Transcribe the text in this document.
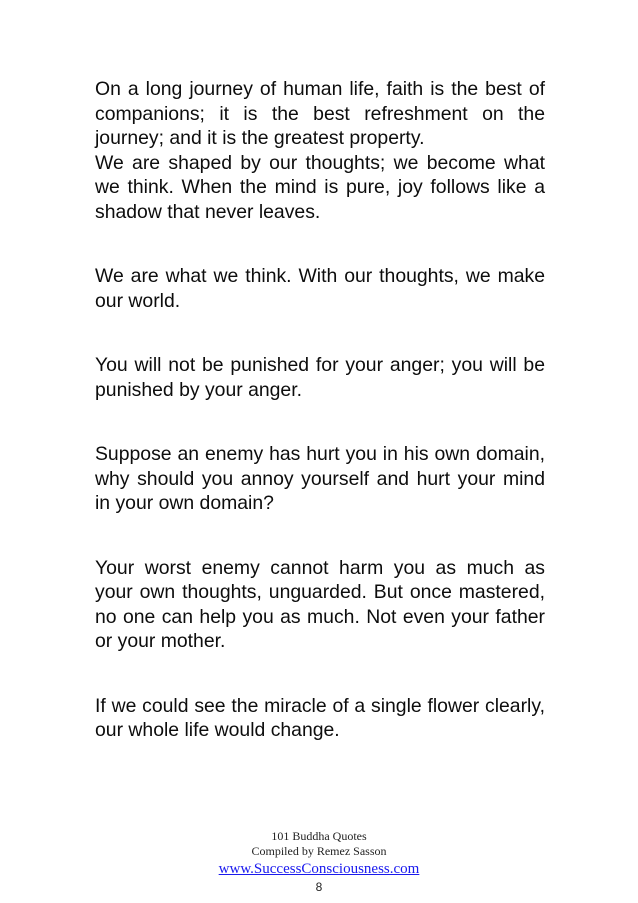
On a long journey of human life, faith is the best of companions; it is the best refreshment on the journey; and it is the greatest property.

We are shaped by our thoughts; we become what we think. When the mind is pure, joy follows like a shadow that never leaves.

We are what we think. With our thoughts, we make our world.

You will not be punished for your anger; you will be punished by your anger.

Suppose an enemy has hurt you in his own domain, why should you annoy yourself and hurt your mind in your own domain?

Your worst enemy cannot harm you as much as your own thoughts, unguarded. But once mastered, no one can help you as much. Not even your father or your mother.

If we could see the miracle of a single flower clearly, our whole life would change.

101 Buddha Quotes
Compiled by Remez Sasson
www.SuccessConsciousness.com
8
